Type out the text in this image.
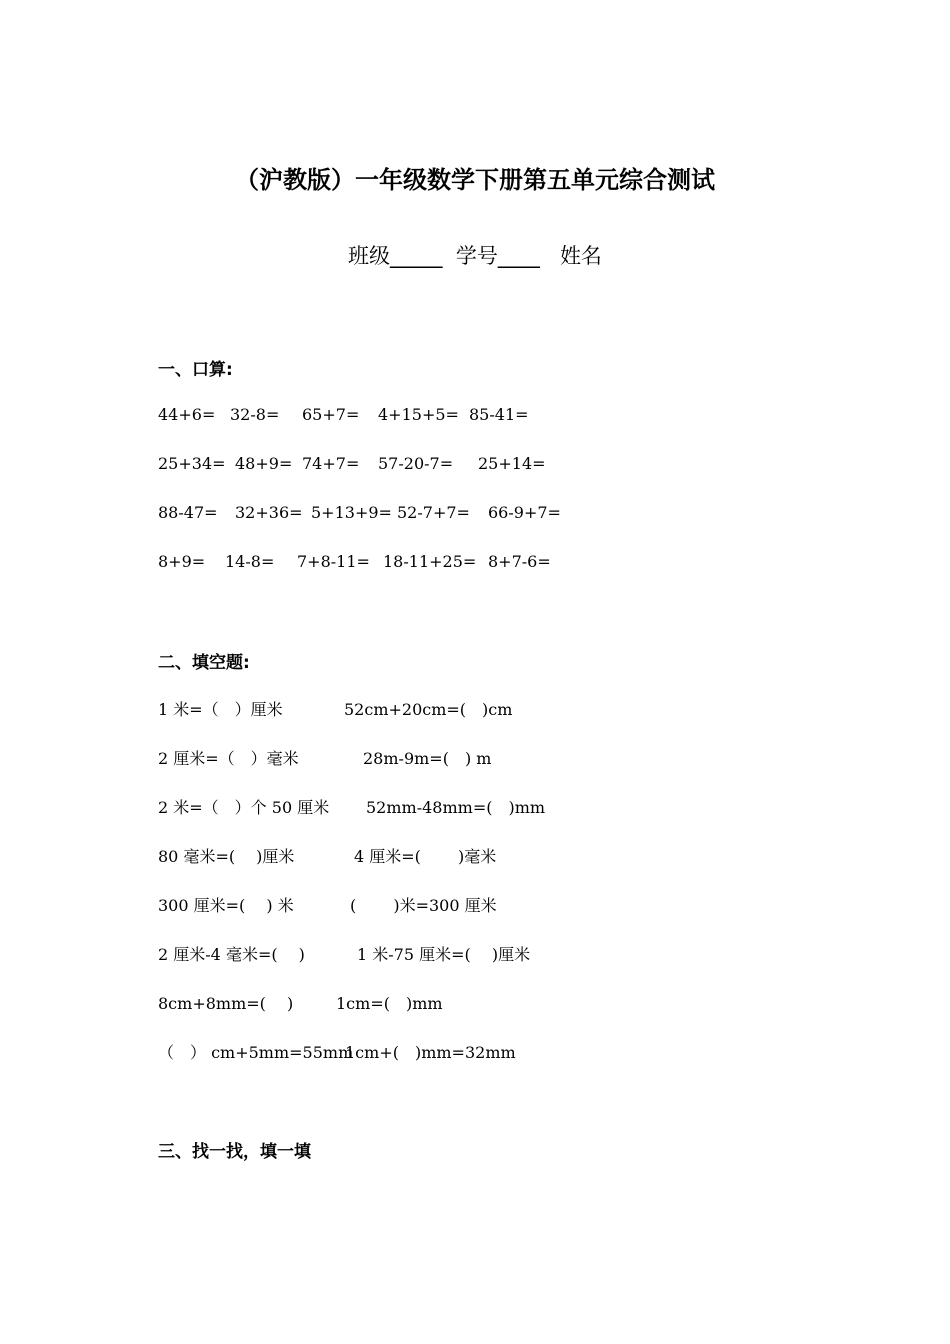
（沪教版）一年级数学下册第五单元综合测试
班级_____ 学号____ 姓名
一、口算:

44+6=

32-8=

65+7=

4+15+5=

85-41=

25+34=

48+9=

74+7=

57-20-7=

25+14=

88-47=

32+36=

5+13+9=

52-7+7=

66-9+7=

8+9=

14-8=

7+8-11=

18-11+25=

8+7-6=

二、填空题:

1 米=（　）厘米

	52cm+20cm=(　)cm

2 厘米=（　）毫米

	28m-9m=(　) m

2 米=（　）个 50 厘米

52mm-48mm=(　)mm

80 毫米=(　 )厘米

	4 厘米=(　　 )毫米

300 厘米=(　 ) 米

	(　　 )米=300 厘米

2 厘米-4 毫米=(　 )

	1 米-75 厘米=(　 )厘米

8cm+8mm=(　 )

	1cm=(　)mm

（　） cm+5mm=55mm

1cm+(　)mm=32mm

三、找一找，填一填
